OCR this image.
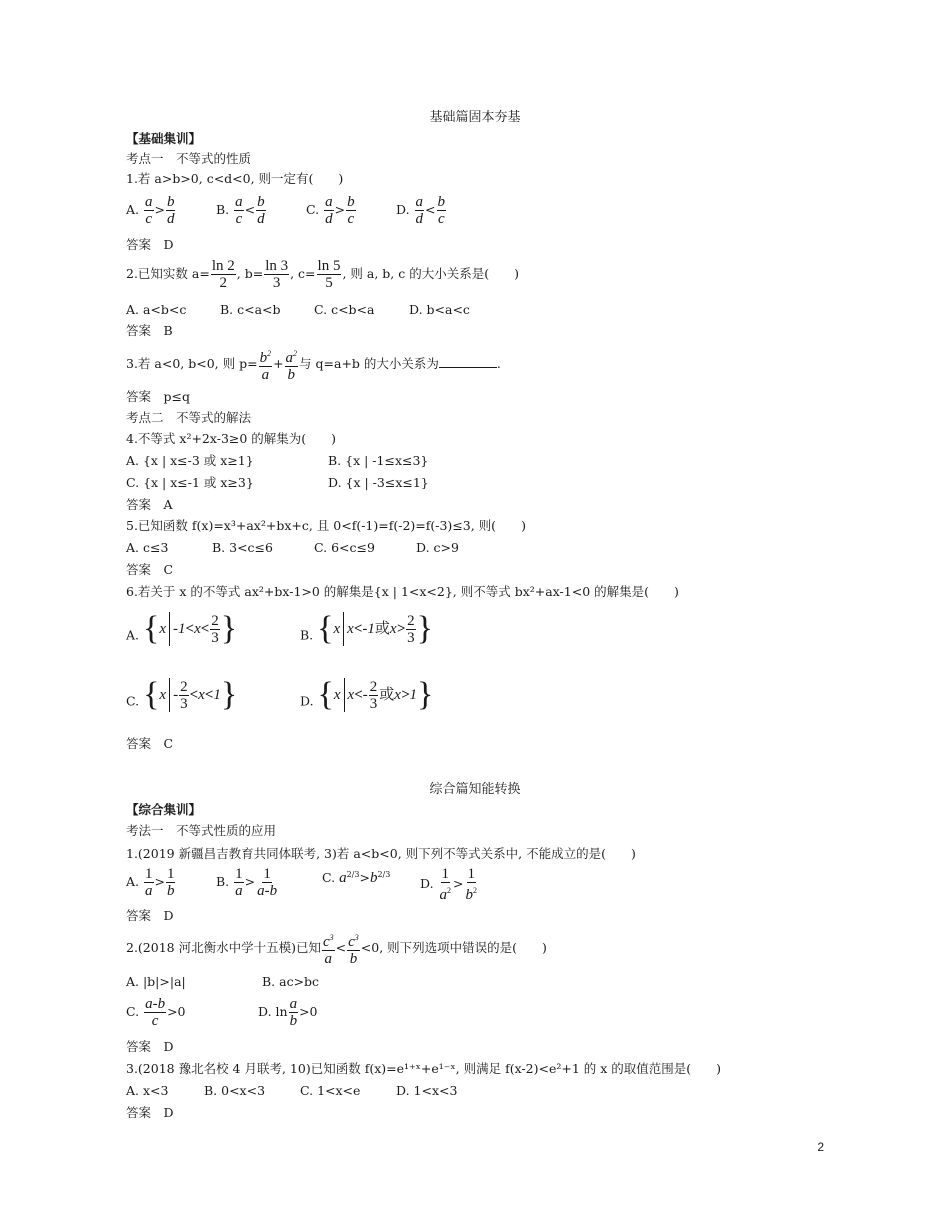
基础篇固本夯基
【基础集训】
考点一　不等式的性质
1.若 a>b>0, c<d<0, 则一定有(　　)
A. $\frac{a}{c} > \frac{b}{d}$	B. $\frac{a}{c} < \frac{b}{d}$	C. $\frac{a}{d} > \frac{b}{c}$	D. $\frac{a}{d} < \frac{b}{c}$
答案　D
2.已知实数 $a= \frac{\ln 2}{2}$ , $b= \frac{\ln 3}{3}$ , $c= \frac{\ln 5}{5}$ , 则 a, b, c 的大小关系是(　　)
A. a<b<c	B. c<a<b	C. c<b<a	D. b<a<c
答案　B
3.若 a<0, b<0, 则 $p= \frac{b^2}{a} + \frac{a^2}{b}$ 与 q=a+b 的大小关系为	.
答案　p≤q
考点二　不等式的解法
4.不等式 x²+2x-3≥0 的解集为(　　)
A. {x | x≤-3 或 x≥1}	B. {x | -1≤x≤3}
C. {x | x≤-1 或 x≥3}	D. {x | -3≤x≤1}
答案　A
5.已知函数 f(x)=x³+ax²+bx+c, 且 0<f(-1)=f(-2)=f(-3)≤3, 则(　　)
A. c≤3	B. 3<c≤6	C. 6<c≤9	D. c>9
答案　C
6.若关于 x 的不等式 ax²+bx-1>0 的解集是{x | 1<x<2}, 则不等式 bx²+ax-1<0 的解集是(　　)
A. { x $-1 < x < \frac{2}{3}$ }	B. { x x < -1 或 $x > \frac{2}{3}$ }
C. { $x - \frac{2}{3} < x < 1$ }	D. { x x < - $\frac{2}{3}$ 或 x > 1 }
答案　C
综合篇知能转换
【综合集训】
考法一　不等式性质的应用
1.(2019 新疆昌吉教育共同体联考, 3)若 a<b<0, 则下列不等式关系中, 不能成立的是(　　)
A. $\frac{1}{a} > \frac{1}{b}$	B. $\frac{1}{a} > \frac{1}{a-b}$	C. $a^{2/3}>b^{2/3}$
D. $\frac{1}{a^2} > \frac{1}{b^2}$
答案　D
2.(2018 河北衡水中学十五模)已知 $\frac{c^3}{a} < \frac{c^3}{b} <0$, 则下列选项中错误的是(　　)
A. |b|>|a|	B. ac>bc
C. $\frac{a-b}{c} >0$	D. $\ln \frac{a}{b} >0$
答案　D
3.(2018 豫北名校 4 月联考, 10)已知函数 f(x)=e¹⁺ˣ+e¹⁻ˣ, 则满足 f(x-2)<e²+1 的 x 的取值范围是(　　)
A. x<3	B. 0<x<3	C. 1<x<e	D. 1<x<3
答案　D
2
